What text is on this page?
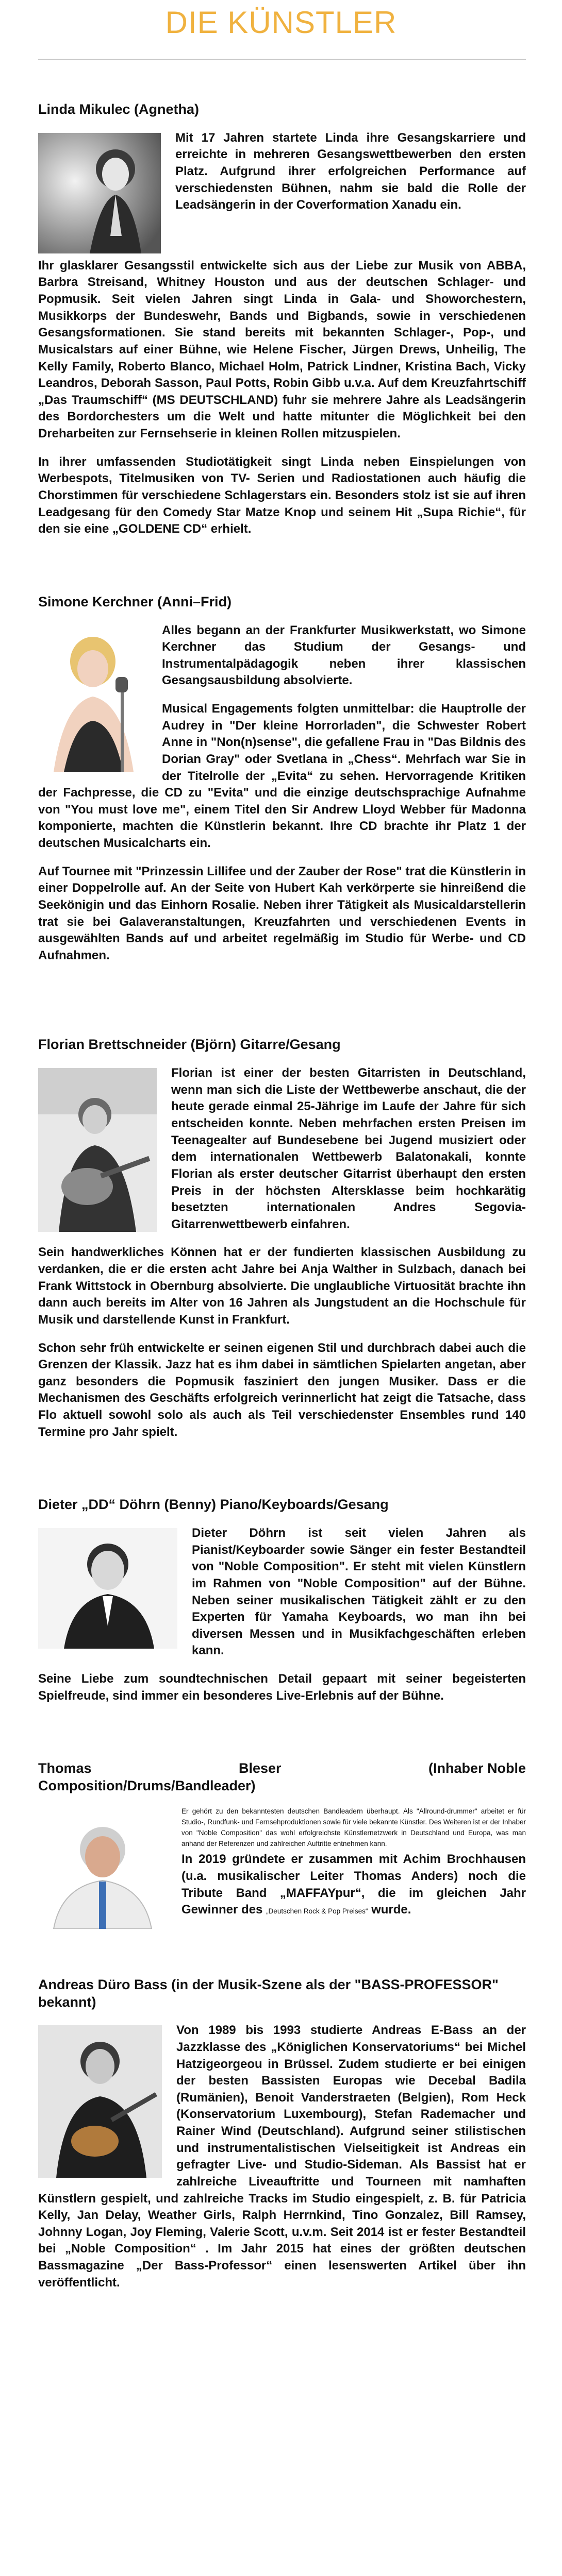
DIE KÜNSTLER
Linda Mikulec (Agnetha)

Mit 17 Jahren startete Linda ihre Gesangskarriere und erreichte in mehreren Gesangswettbewerben den ersten Platz. Aufgrund ihrer erfolgreichen Performance auf verschiedensten Bühnen, nahm sie bald die Rolle der Leadsängerin in der Coverformation Xanadu ein.

Ihr glasklarer Gesangsstil entwickelte sich aus der Liebe zur Musik von ABBA, Barbra Streisand, Whitney Houston und aus der deutschen Schlager- und Popmusik. Seit vielen Jahren singt Linda in Gala- und Showorchestern, Musikkorps der Bundeswehr, Bands und Bigbands, sowie in verschiedenen Gesangsformationen. Sie stand bereits mit bekannten Schlager-, Pop-, und Musicalstars auf einer Bühne, wie Helene Fischer, Jürgen Drews, Unheilig, The Kelly Family, Roberto Blanco, Michael Holm, Patrick Lindner, Kristina Bach, Vicky Leandros, Deborah Sasson, Paul Potts, Robin Gibb u.v.a. Auf dem Kreuzfahrtschiff „Das Traumschiff“ (MS DEUTSCHLAND) fuhr sie mehrere Jahre als Leadsängerin des Bordorchesters um die Welt und hatte mitunter die Möglichkeit bei den Dreharbeiten zur Fernsehserie in kleinen Rollen mitzuspielen.

In ihrer umfassenden Studiotätigkeit singt Linda neben Einspielungen von Werbespots, Titelmusiken von TV- Serien und Radiostationen auch häufig die Chorstimmen für verschiedene Schlagerstars ein. Besonders stolz ist sie auf ihren Leadgesang für den Comedy Star Matze Knop und seinem Hit „Supa Richie“, für den sie eine „GOLDENE CD“ erhielt.

Simone Kerchner (Anni–Frid)

Alles begann an der Frankfurter Musikwerkstatt, wo Simone Kerchner das Studium der Gesangs- und Instrumentalpädagogik neben ihrer klassischen Gesangsausbildung absolvierte.

Musical Engagements folgten unmittelbar: die Hauptrolle der Audrey in "Der kleine Horrorladen", die Schwester Robert Anne in "Non(n)sense", die gefallene Frau in "Das Bildnis des Dorian Gray" oder Svetlana in „Chess“. Mehrfach war Sie in der Titelrolle der „Evita“ zu sehen. Hervorragende Kritiken der Fachpresse, die CD zu "Evita" und die einzige deutschsprachige Aufnahme von "You must love me", einem Titel den Sir Andrew Lloyd Webber für Madonna komponierte, machten die Künstlerin bekannt. Ihre CD brachte ihr Platz 1 der deutschen Musicalcharts ein.

Auf Tournee mit "Prinzessin Lillifee und der Zauber der Rose" trat die Künstlerin in einer Doppelrolle auf. An der Seite von Hubert Kah verkörperte sie hinreißend die Seekönigin und das Einhorn Rosalie. Neben ihrer Tätigkeit als Musicaldarstellerin trat sie bei Galaveranstaltungen, Kreuzfahrten und verschiedenen Events in ausgewählten Bands auf und arbeitet regelmäßig im Studio für Werbe- und CD Aufnahmen.

Florian Brettschneider (Björn) Gitarre/Gesang

Florian ist einer der besten Gitarristen in Deutschland, wenn man sich die Liste der Wettbewerbe anschaut, die der heute gerade einmal 25-Jährige im Laufe der Jahre für sich entscheiden konnte. Neben mehrfachen ersten Preisen im Teenagealter auf Bundesebene bei Jugend musiziert oder dem internationalen Wettbewerb Balatonakali, konnte Florian als erster deutscher Gitarrist überhaupt den ersten Preis in der höchsten Altersklasse beim hochkarätig besetzten internationalen Andres Segovia-Gitarrenwettbewerb einfahren.

Sein handwerkliches Können hat er der fundierten klassischen Ausbildung zu verdanken, die er die ersten acht Jahre bei Anja Walther in Sulzbach, danach bei Frank Wittstock in Obernburg absolvierte. Die unglaubliche Virtuosität brachte ihn dann auch bereits im Alter von 16 Jahren als Jungstudent an die Hochschule für Musik und darstellende Kunst in Frankfurt.

Schon sehr früh entwickelte er seinen eigenen Stil und durchbrach dabei auch die Grenzen der Klassik. Jazz hat es ihm dabei in sämtlichen Spielarten angetan, aber ganz besonders die Popmusik fasziniert den jungen Musiker. Dass er die Mechanismen des Geschäfts erfolgreich verinnerlicht hat zeigt die Tatsache, dass Flo aktuell sowohl solo als auch als Teil verschiedenster Ensembles rund 140 Termine pro Jahr spielt.

Dieter „DD“ Döhrn (Benny) Piano/Keyboards/Gesang

Dieter Döhrn ist seit vielen Jahren als Pianist/Keyboarder sowie Sänger ein fester Bestandteil von "Noble Composition". Er steht mit vielen Künstlern im Rahmen von "Noble Composition" auf der Bühne. Neben seiner musikalischen Tätigkeit zählt er zu den Experten für Yamaha Keyboards, wo man ihn bei diversen Messen und in Musikfachgeschäften erleben kann.

Seine Liebe zum soundtechnischen Detail gepaart mit seiner begeisterten Spielfreude, sind immer ein besonderes Live-Erlebnis auf der Bühne.

Thomas	Bleser	(Inhaber Noble
Composition/Drums/Bandleader)

Er gehört zu den bekanntesten deutschen Bandleadern überhaupt. Als "Allround-drummer" arbeitet er für Studio-, Rundfunk- und Fernsehproduktionen sowie für viele bekannte Künstler. Des Weiteren ist er der Inhaber von "Noble Composition" das wohl erfolgreichste Künstlernetzwerk in Deutschland und Europa, was man anhand der Referenzen und zahlreichen Auftritte entnehmen kann.

In 2019 gründete er zusammen mit Achim Brochhausen (u.a. musikalischer Leiter Thomas Anders) noch die Tribute Band „MAFFAYpur“, die im gleichen Jahr Gewinner des „Deutschen Rock & Pop Preises“ wurde.

Andreas Düro Bass (in der Musik-Szene als der "BASS-PROFESSOR" bekannt)

Von 1989 bis 1993 studierte Andreas E-Bass an der Jazzklasse des „Königlichen Konservatoriums“ bei Michel Hatzigeorgeou in Brüssel. Zudem studierte er bei einigen der besten Bassisten Europas wie Decebal Badila (Rumänien), Benoit Vanderstraeten (Belgien), Rom Heck (Konservatorium Luxembourg), Stefan Rademacher und Rainer Wind (Deutschland). Aufgrund seiner stilistischen und instrumentalistischen Vielseitigkeit ist Andreas ein gefragter Live- und Studio-Sideman. Als Bassist hat er zahlreiche Liveauftritte und Tourneen mit namhaften Künstlern gespielt, und zahlreiche Tracks im Studio eingespielt, z. B. für Patricia Kelly, Jan Delay, Weather Girls, Ralph Herrnkind, Tino Gonzalez, Bill Ramsey, Johnny Logan, Joy Fleming, Valerie Scott, u.v.m. Seit 2014 ist er fester Bestandteil bei „Noble Composition“ . Im Jahr 2015 hat eines der größten deutschen Bassmagazine „Der Bass-Professor“ einen lesenswerten Artikel über ihn veröffentlicht.
